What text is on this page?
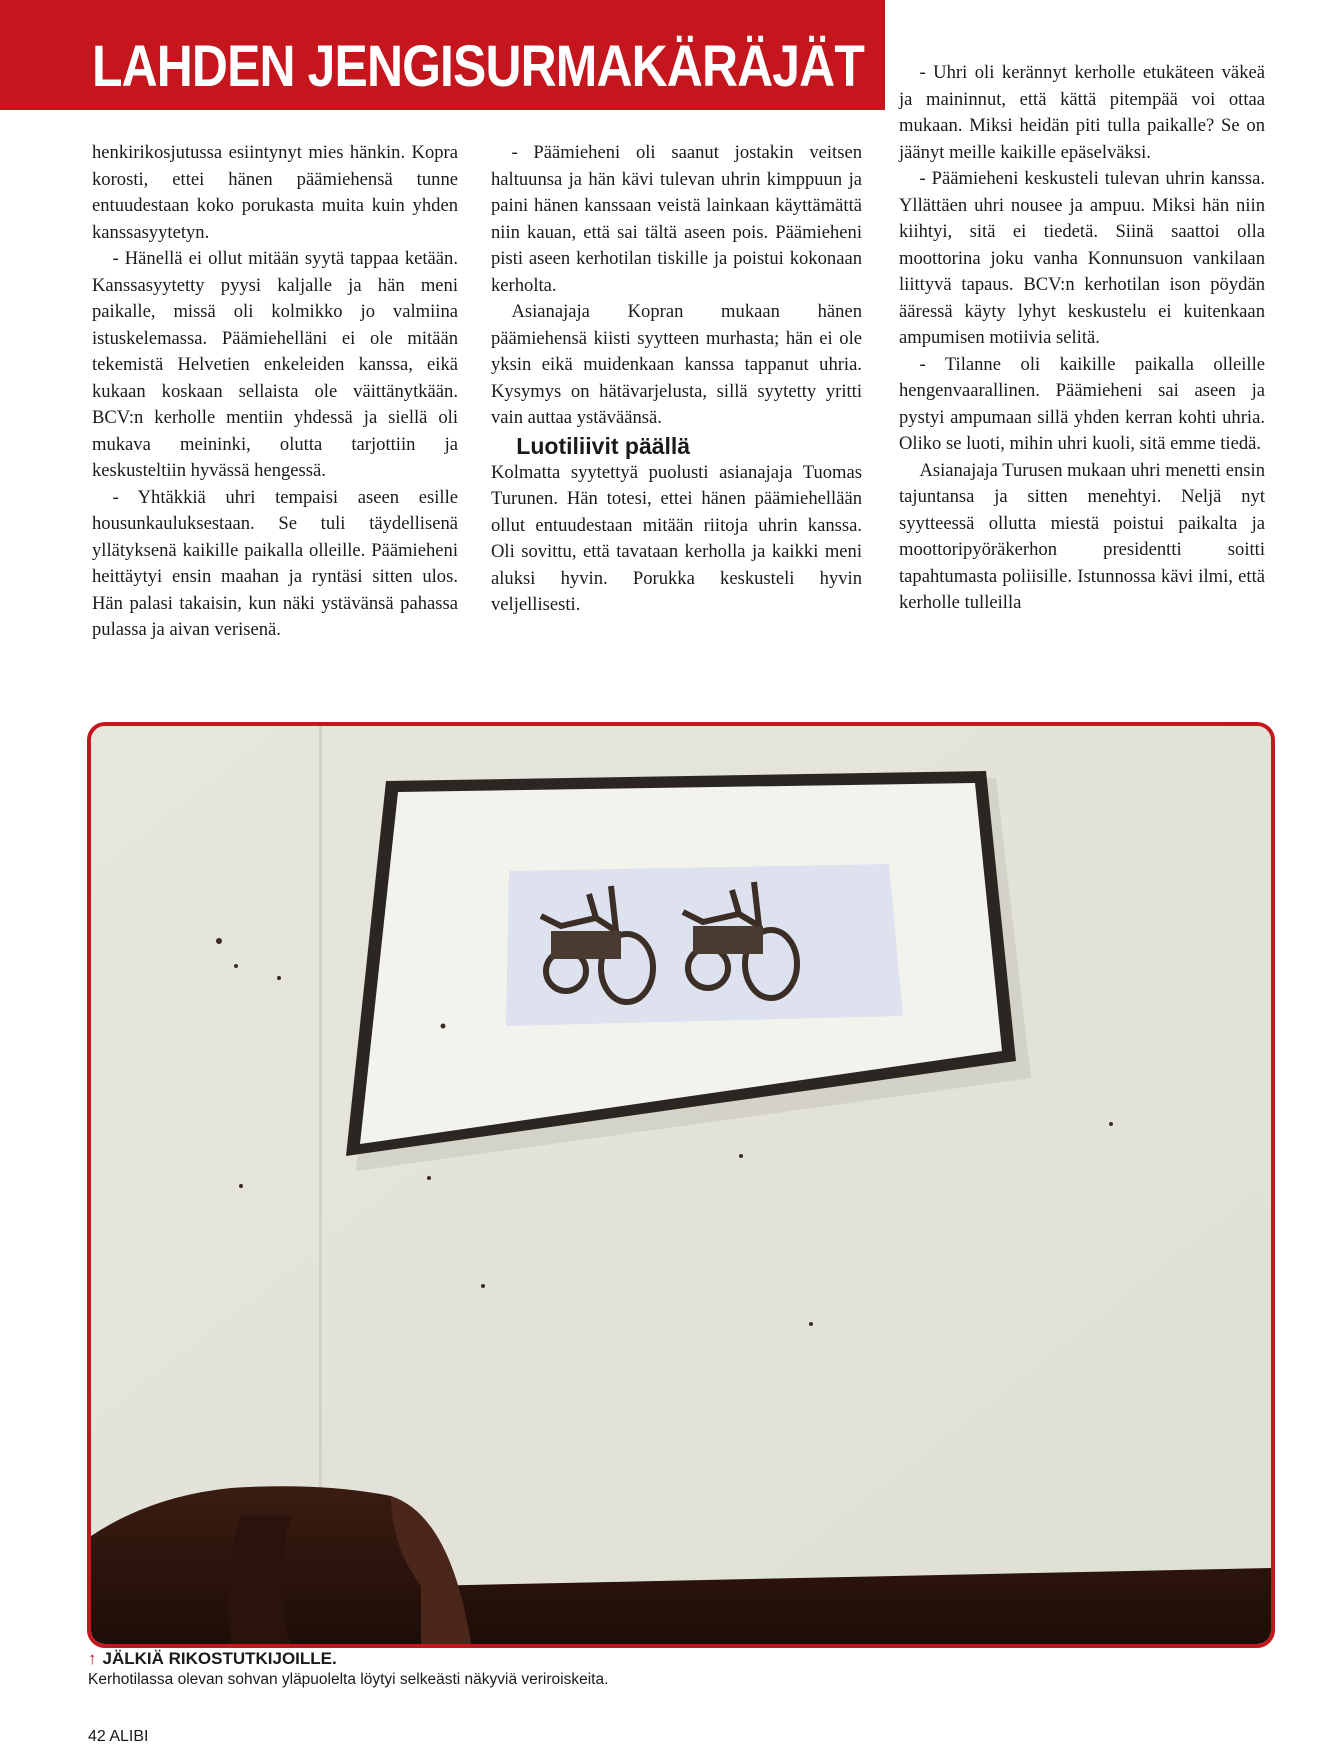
LAHDEN JENGISURMAKÄRÄJÄT

henkirikosjutussa esiintynyt mies hänkin. Kopra korosti, ettei hänen päämiehensä tunne entuudestaan koko porukasta muita kuin yhden kanssasyytetyn.

- Hänellä ei ollut mitään syytä tappaa ketään. Kanssasyytetty pyysi kaljalle ja hän meni paikalle, missä oli kolmikko jo valmiina istuskelemassa. Päämiehelläni ei ole mitään tekemistä Helvetien enkeleiden kanssa, eikä kukaan koskaan sellaista ole väittänytkään. BCV:n kerholle mentiin yhdessä ja siellä oli mukava meininki, olutta tarjottiin ja keskusteltiin hyvässä hengessä.

- Yhtäkkiä uhri tempaisi aseen esille housunkauluksestaan. Se tuli täydellisenä yllätyksenä kaikille paikalla olleille. Päämieheni heittäytyi ensin maahan ja ryntäsi sitten ulos. Hän palasi takaisin, kun näki ystävänsä pahassa pulassa ja aivan verisenä.

- Päämieheni oli saanut jostakin veitsen haltuunsa ja hän kävi tulevan uhrin kimppuun ja paini hänen kanssaan veistä lainkaan käyttämättä niin kauan, että sai tältä aseen pois. Päämieheni pisti aseen kerhotilan tiskille ja poistui kokonaan kerholta.

Asianajaja Kopran mukaan hänen päämiehensä kiisti syytteen murhasta; hän ei ole yksin eikä muidenkaan kanssa tappanut uhria. Kysymys on hätävarjelusta, sillä syytetty yritti vain auttaa ystäväänsä.

Luotiliivit päällä

Kolmatta syytettyä puolusti asianajaja Tuomas Turunen. Hän totesi, ettei hänen päämiehellään ollut entuudestaan mitään riitoja uhrin kanssa. Oli sovittu, että tavataan kerholla ja kaikki meni aluksi hyvin. Porukka keskusteli hyvin veljellisesti.

- Uhri oli kerännyt kerholle etukäteen väkeä ja maininnut, että kättä pitempää voi ottaa mukaan. Miksi heidän piti tulla paikalle? Se on jäänyt meille kaikille epäselväksi.

- Päämieheni keskusteli tulevan uhrin kanssa. Yllättäen uhri nousee ja ampuu. Miksi hän niin kiihtyi, sitä ei tiedetä. Siinä saattoi olla moottorina joku vanha Konnunsuon vankilaan liittyvä tapaus. BCV:n kerhotilan ison pöydän ääressä käyty lyhyt keskustelu ei kuitenkaan ampumisen motiivia selitä.

- Tilanne oli kaikille paikalla olleille hengenvaarallinen. Päämieheni sai aseen ja pystyi ampumaan sillä yhden kerran kohti uhria. Oliko se luoti, mihin uhri kuoli, sitä emme tiedä.

Asianajaja Turusen mukaan uhri menetti ensin tajuntansa ja sitten menehtyi. Neljä nyt syytteessä ollutta miestä poistui paikalta ja moottoripyöräkerhon presidentti soitti tapahtumasta poliisille. Istunnossa kävi ilmi, että kerholle tulleilla

↑ JÄLKIÄ RIKOSTUTKIJOILLE.
Kerhotilassa olevan sohvan yläpuolelta löytyi selkeästi näkyviä veriroiskeita.
42 ALIBI
